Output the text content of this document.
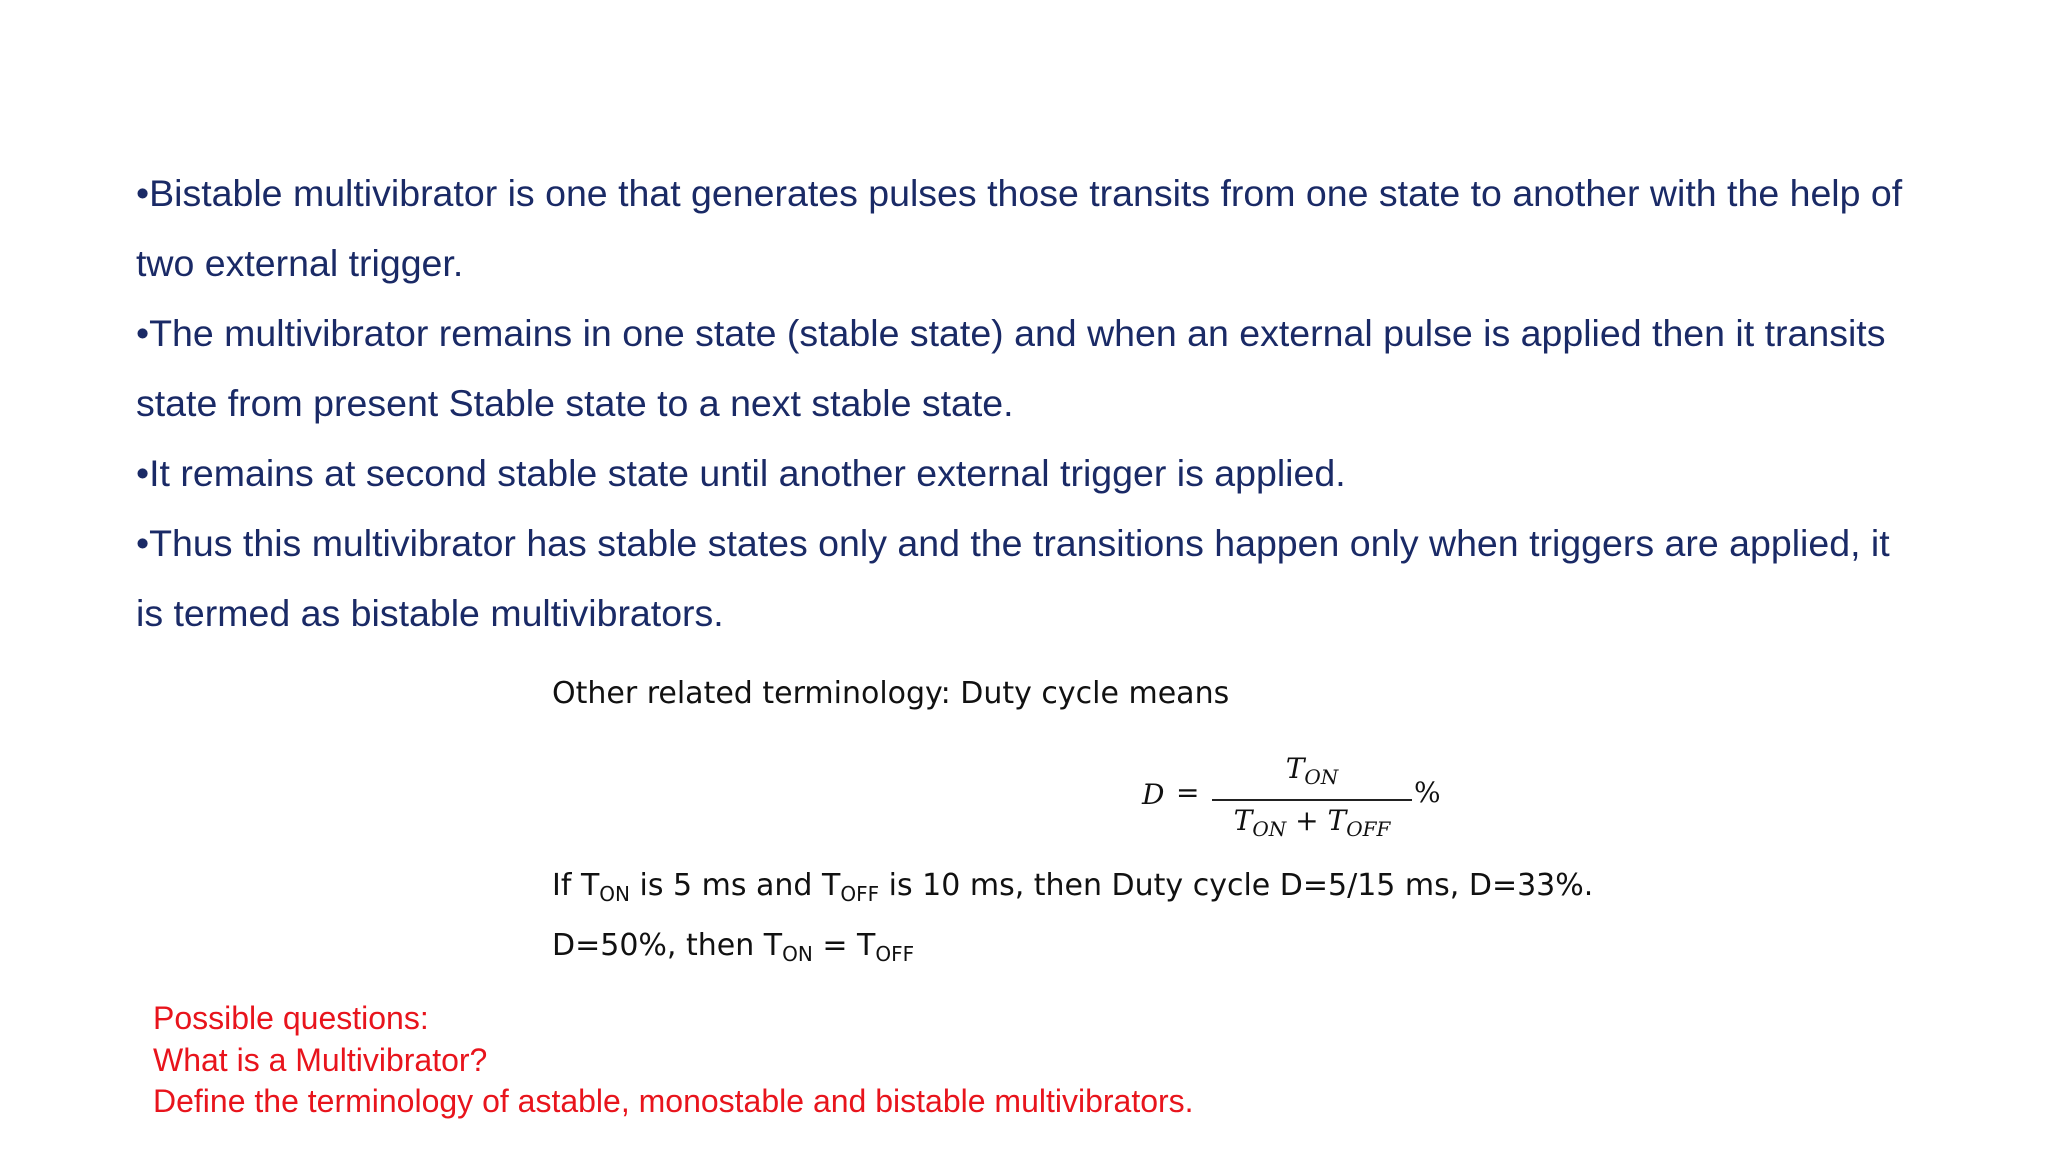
•Bistable multivibrator is one that generates pulses those transits from one state to another with the help of

two external trigger.

•The multivibrator remains in one state (stable state) and when an external pulse is applied then it transits

state from present Stable state to a next stable state.

•It remains at second stable state until another external trigger is applied.

•Thus this multivibrator has stable states only and the transitions happen only when triggers are applied, it

is termed as bistable multivibrators.

Other related terminology: Duty cycle means
D =
$T_{ON}$
$T_{ON} + T_{OFF}$
%
If $T_{ON}$ is 5 ms and $T_{OFF}$ is 10 ms, then Duty cycle D=5/15 ms, D=33%.
D=50%, then $T_{ON} = T_{OFF}$

Possible questions:

What is a Multivibrator?

Define the terminology of astable, monostable and bistable multivibrators.
